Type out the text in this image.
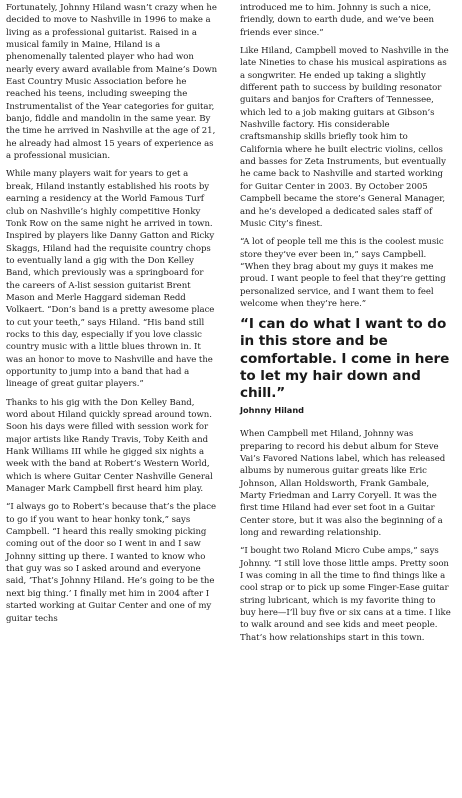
Fortunately, Johnny Hiland wasn’t crazy when he decided to move to Nashville in 1996 to make a living as a professional guitarist. Raised in a musical family in Maine, Hiland is a phenomenally talented player who had won nearly every award available from Maine’s Down East Country Music Association before he reached his teens, including sweeping the Instrumentalist of the Year categories for guitar, banjo, fiddle and mandolin in the same year. By the time he arrived in Nashville at the age of 21, he already had almost 15 years of experience as a professional musician.

While many players wait for years to get a break, Hiland instantly established his roots by earning a residency at the World Famous Turf club on Nashville’s highly competitive Honky Tonk Row on the same night he arrived in town. Inspired by players like Danny Gatton and Ricky Skaggs, Hiland had the requisite country chops to eventually land a gig with the Don Kelley Band, which previously was a springboard for the careers of A-list session guitarist Brent Mason and Merle Haggard sideman Redd Volkaert. “Don’s band is a pretty awesome place to cut your teeth,” says Hiland. “His band still rocks to this day, especially if you love classic country music with a little blues thrown in. It was an honor to move to Nashville and have the opportunity to jump into a band that had a lineage of great guitar players.”

Thanks to his gig with the Don Kelley Band, word about Hiland quickly spread around town. Soon his days were filled with session work for major artists like Randy Travis, Toby Keith and Hank Williams III while he gigged six nights a week with the band at Robert’s Western World, which is where Guitar Center Nashville General Manager Mark Campbell first heard him play.

“I always go to Robert’s because that’s the place to go if you want to hear honky tonk,” says Campbell. “I heard this really smoking picking coming out of the door so I went in and I saw Johnny sitting up there. I wanted to know who that guy was so I asked around and everyone said, ‘That’s Johnny Hiland. He’s going to be the next big thing.’ I finally met him in 2004 after I started working at Guitar Center and one of my guitar techs

introduced me to him. Johnny is such a nice, friendly, down to earth dude, and we’ve been friends ever since.”

Like Hiland, Campbell moved to Nashville in the late Nineties to chase his musical aspirations as a songwriter. He ended up taking a slightly different path to success by building resonator guitars and banjos for Crafters of Tennessee, which led to a job making guitars at Gibson’s Nashville factory. His considerable craftsmanship skills briefly took him to California where he built electric violins, cellos and basses for Zeta Instruments, but eventually he came back to Nashville and started working for Guitar Center in 2003. By October 2005 Campbell became the store’s General Manager, and he’s developed a dedicated sales staff of Music City’s finest.

“A lot of people tell me this is the coolest music store they’ve ever been in,” says Campbell. “When they brag about my guys it makes me proud. I want people to feel that they’re getting personalized service, and I want them to feel welcome when they’re here.”

“I can do what I want to do in this store and be comfortable. I come in here to let my hair down and chill.”

Johnny Hiland

When Campbell met Hiland, Johnny was preparing to record his debut album for Steve Vai’s Favored Nations label, which has released albums by numerous guitar greats like Eric Johnson, Allan Holdsworth, Frank Gambale, Marty Friedman and Larry Coryell. It was the first time Hiland had ever set foot in a Guitar Center store, but it was also the beginning of a long and rewarding relationship.

“I bought two Roland Micro Cube amps,” says Johnny. “I still love those little amps. Pretty soon I was coming in all the time to find things like a cool strap or to pick up some Finger-Ease guitar string lubricant, which is my favorite thing to buy here—I’ll buy five or six cans at a time. I like to walk around and see kids and meet people. That’s how relationships start in this town.
